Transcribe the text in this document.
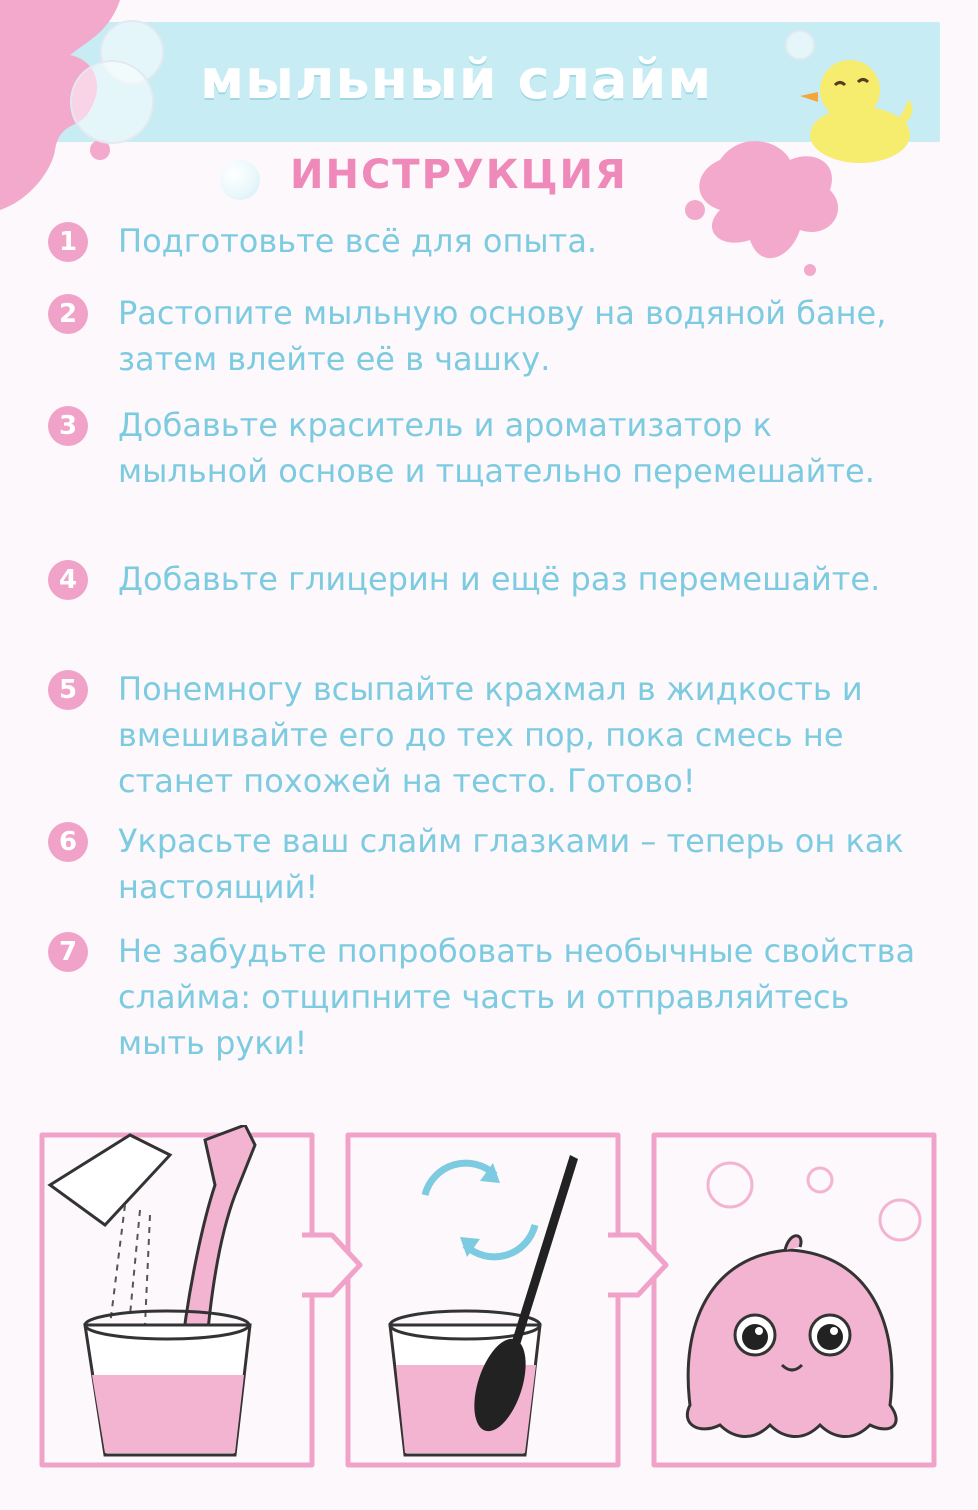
мыльный слайм
ИНСТРУКЦИЯ
1	Подготовьте всё для опыта.
2	Растопите мыльную основу на водяной бане, затем влейте её в чашку.
3	Добавьте краситель и ароматизатор к мыльной основе и тщательно перемешайте.
4	Добавьте глицерин и ещё раз перемешайте.
5	Понемногу всыпайте крахмал в жидкость и вмешивайте его до тех пор, пока смесь не станет похожей на тесто. Готово!
6	Украсьте ваш слайм глазками – теперь он как настоящий!
7	Не забудьте попробовать необычные свойства слайма: отщипните часть и отправляйтесь мыть руки!
